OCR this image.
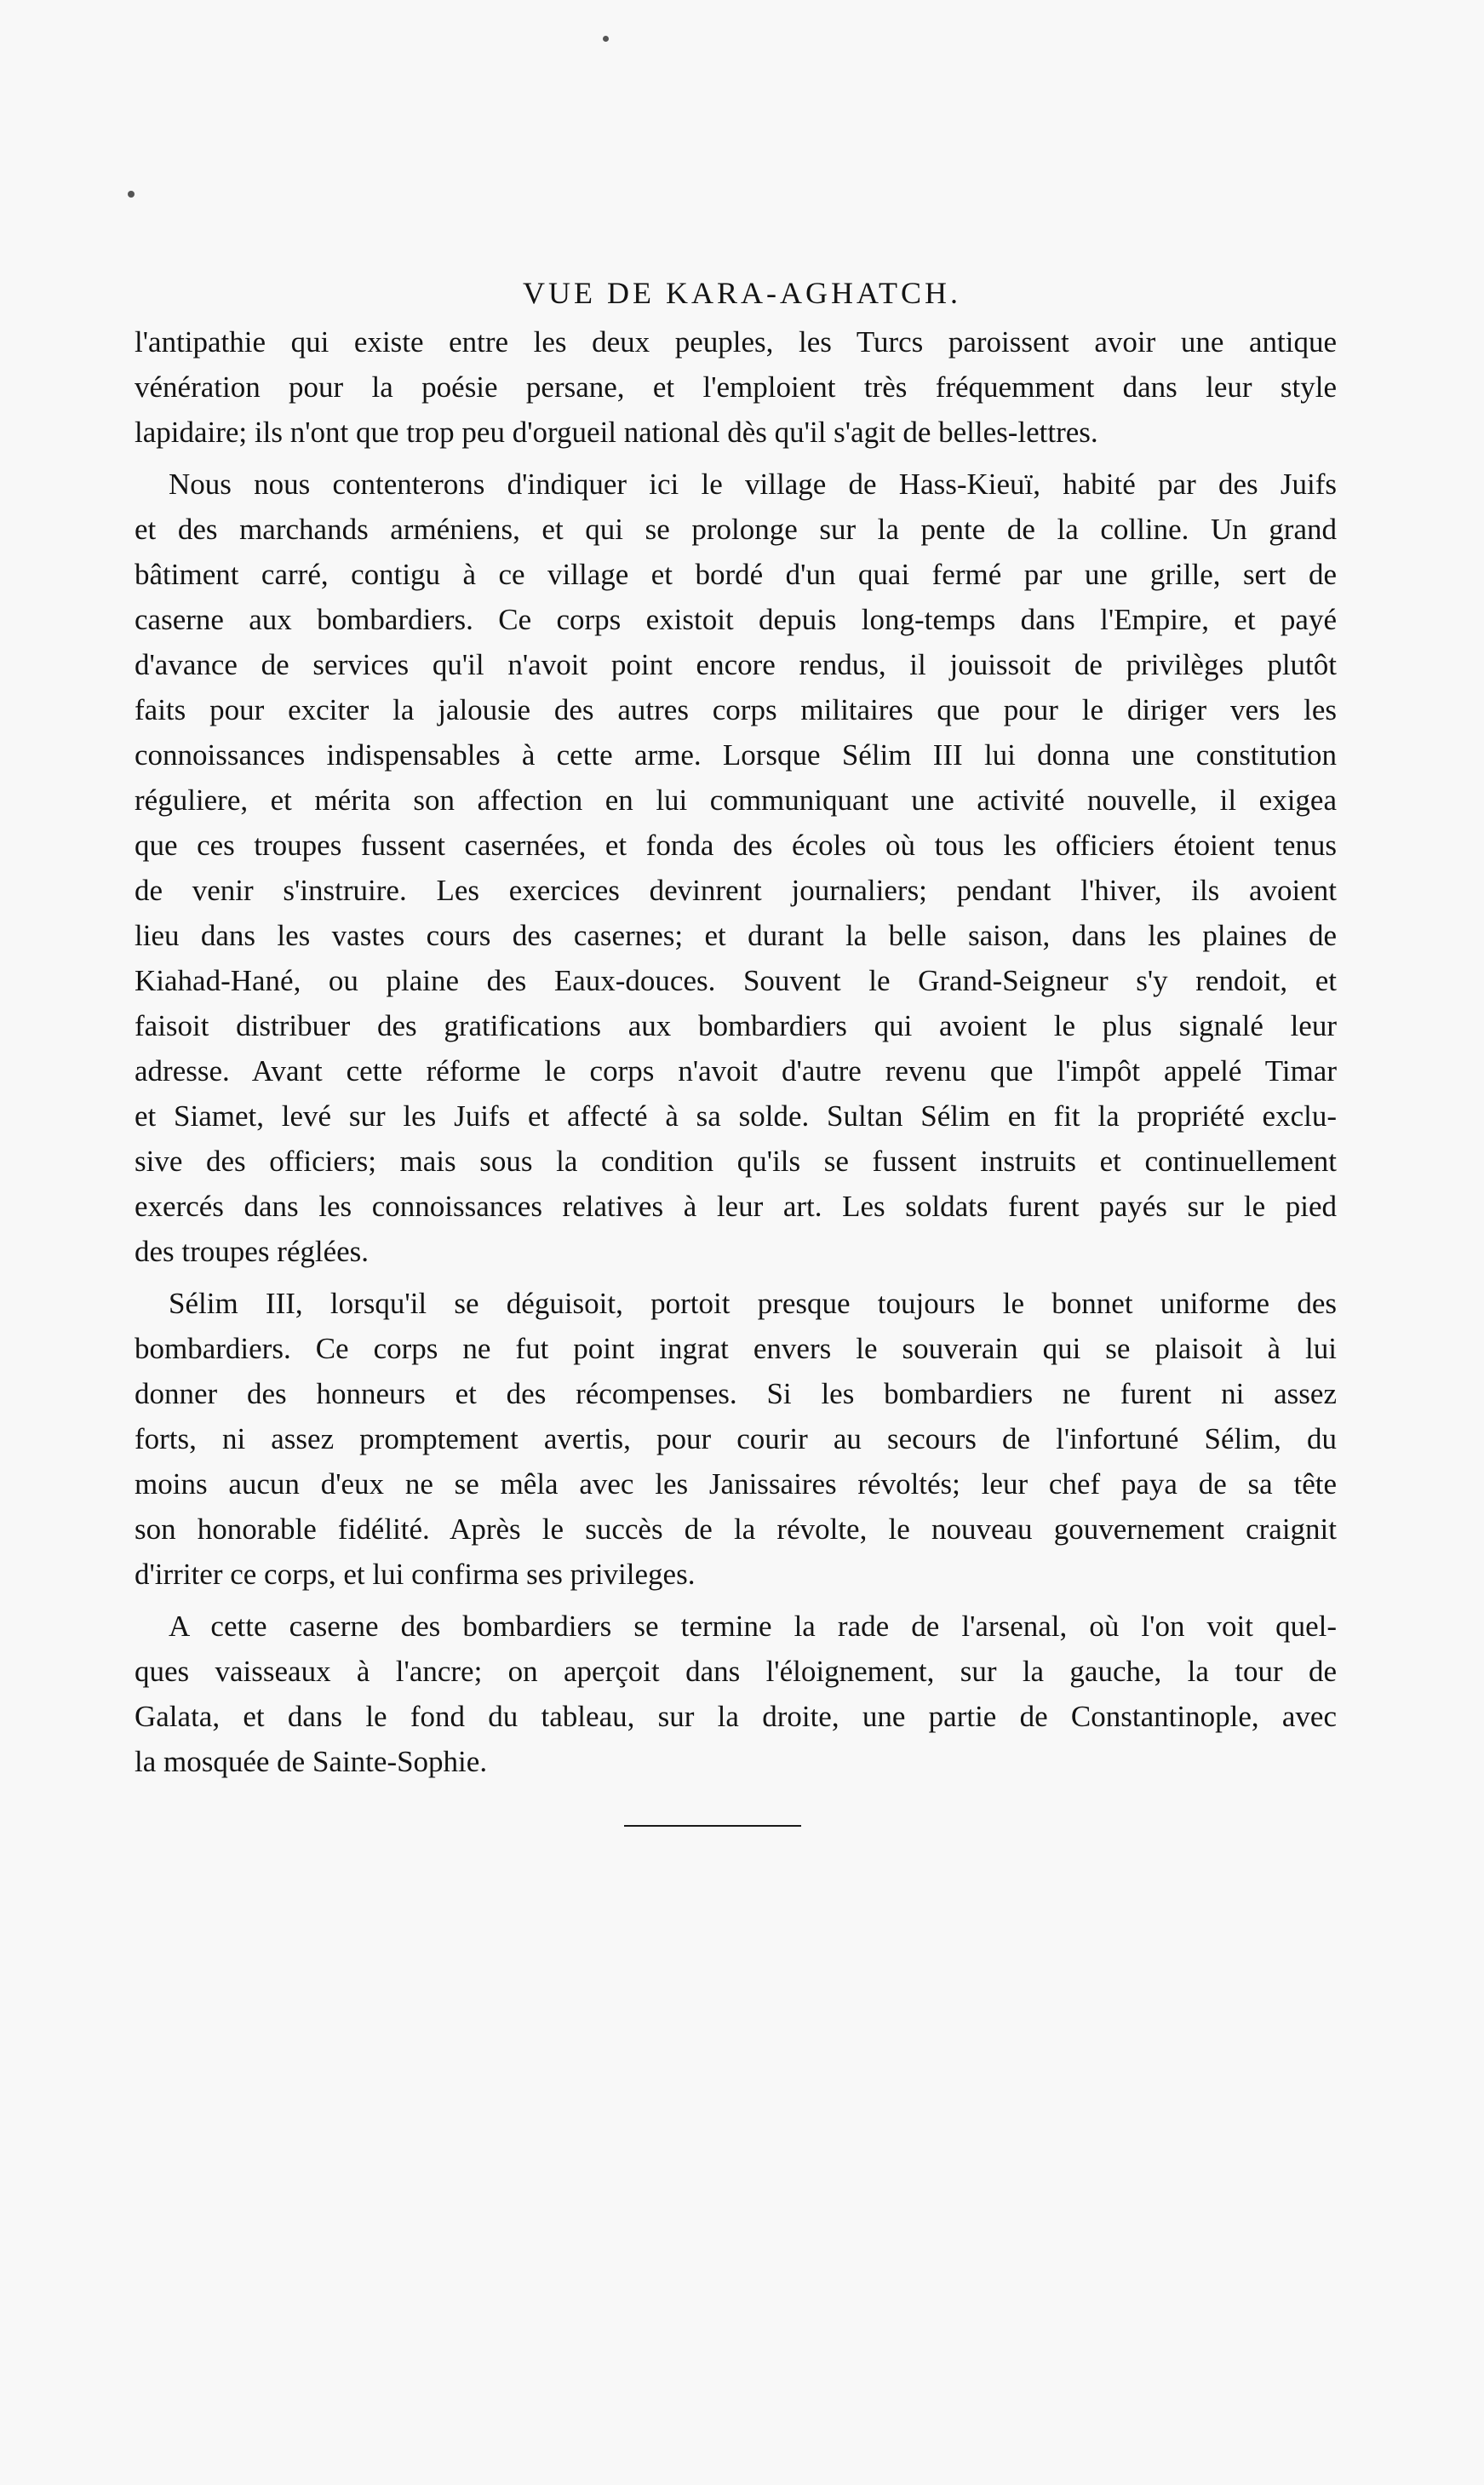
VUE DE KARA-AGHATCH.
l'antipathie qui existe entre les deux peuples, les Turcs paroissent avoir une antique
vénération pour la poésie persane, et l'emploient très fréquemment dans leur style
lapidaire; ils n'ont que trop peu d'orgueil national dès qu'il s'agit de belles-lettres.
Nous nous contenterons d'indiquer ici le village de Hass-Kieuï, habité par des Juifs
et des marchands arméniens, et qui se prolonge sur la pente de la colline. Un grand
bâtiment carré, contigu à ce village et bordé d'un quai fermé par une grille, sert de
caserne aux bombardiers. Ce corps existoit depuis long-temps dans l'Empire, et payé
d'avance de services qu'il n'avoit point encore rendus, il jouissoit de privilèges plutôt
faits pour exciter la jalousie des autres corps militaires que pour le diriger vers les
connoissances indispensables à cette arme. Lorsque Sélim III lui donna une constitution
réguliere, et mérita son affection en lui communiquant une activité nouvelle, il exigea
que ces troupes fussent casernées, et fonda des écoles où tous les officiers étoient tenus
de venir s'instruire. Les exercices devinrent journaliers; pendant l'hiver, ils avoient
lieu dans les vastes cours des casernes; et durant la belle saison, dans les plaines de
Kiahad-Hané, ou plaine des Eaux-douces. Souvent le Grand-Seigneur s'y rendoit, et
faisoit distribuer des gratifications aux bombardiers qui avoient le plus signalé leur
adresse. Avant cette réforme le corps n'avoit d'autre revenu que l'impôt appelé Timar
et Siamet, levé sur les Juifs et affecté à sa solde. Sultan Sélim en fit la propriété exclu-
sive des officiers; mais sous la condition qu'ils se fussent instruits et continuellement
exercés dans les connoissances relatives à leur art. Les soldats furent payés sur le pied
des troupes réglées.
Sélim III, lorsqu'il se déguisoit, portoit presque toujours le bonnet uniforme des
bombardiers. Ce corps ne fut point ingrat envers le souverain qui se plaisoit à lui
donner des honneurs et des récompenses. Si les bombardiers ne furent ni assez
forts, ni assez promptement avertis, pour courir au secours de l'infortuné Sélim, du
moins aucun d'eux ne se mêla avec les Janissaires révoltés; leur chef paya de sa tête
son honorable fidélité. Après le succès de la révolte, le nouveau gouvernement craignit
d'irriter ce corps, et lui confirma ses privileges.
A cette caserne des bombardiers se termine la rade de l'arsenal, où l'on voit quel-
ques vaisseaux à l'ancre; on aperçoit dans l'éloignement, sur la gauche, la tour de
Galata, et dans le fond du tableau, sur la droite, une partie de Constantinople, avec
la mosquée de Sainte-Sophie.
